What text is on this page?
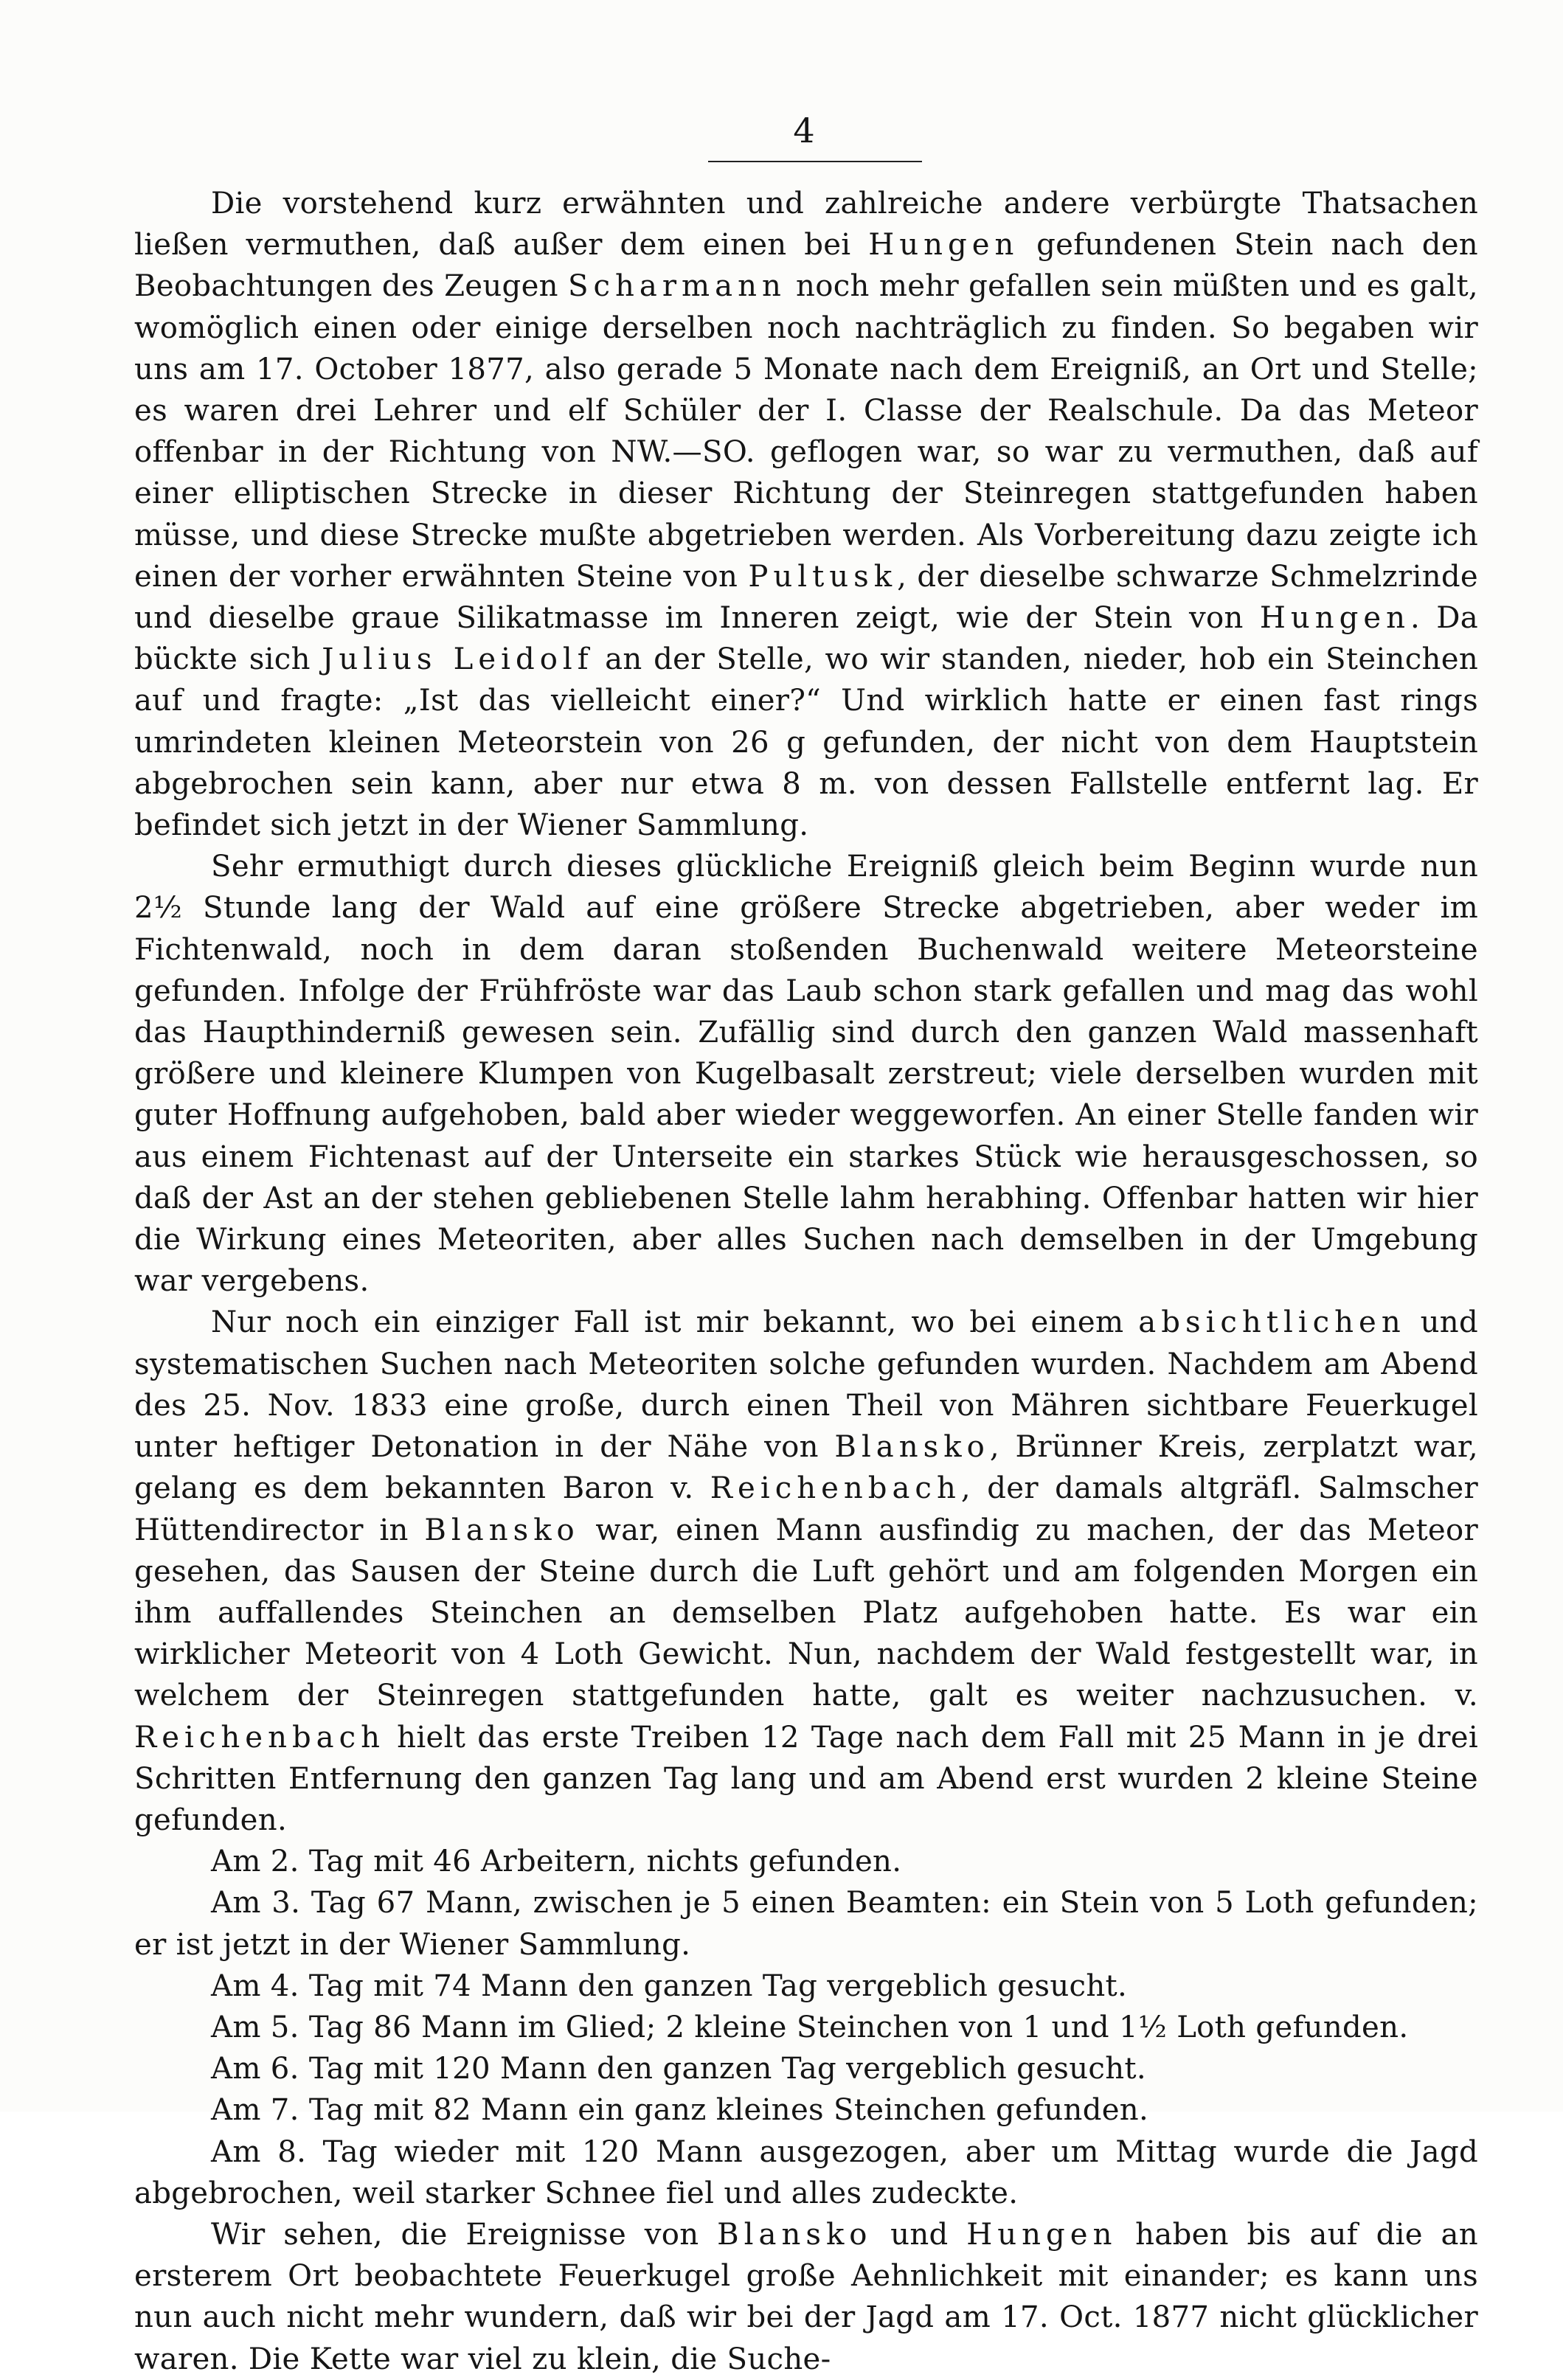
4

Die vorstehend kurz erwähnten und zahlreiche andere verbürgte Thatsachen ließen vermuthen, daß außer dem einen bei Hungen gefundenen Stein nach den Beobachtungen des Zeugen Scharmann noch mehr gefallen sein müßten und es galt, womöglich einen oder einige derselben noch nachträglich zu finden. So begaben wir uns am 17. October 1877, also gerade 5 Monate nach dem Ereigniß, an Ort und Stelle; es waren drei Lehrer und elf Schüler der I. Classe der Realschule. Da das Meteor offenbar in der Richtung von NW.—SO. geflogen war, so war zu vermuthen, daß auf einer elliptischen Strecke in dieser Richtung der Steinregen stattgefunden haben müsse, und diese Strecke mußte abgetrieben werden. Als Vorbereitung dazu zeigte ich einen der vorher erwähnten Steine von Pultusk, der dieselbe schwarze Schmelzrinde und dieselbe graue Silikatmasse im Inneren zeigt, wie der Stein von Hungen. Da bückte sich Julius Leidolf an der Stelle, wo wir standen, nieder, hob ein Steinchen auf und fragte: „Ist das vielleicht einer?“ Und wirklich hatte er einen fast rings umrindeten kleinen Meteorstein von 26 g gefunden, der nicht von dem Hauptstein abgebrochen sein kann, aber nur etwa 8 m. von dessen Fallstelle entfernt lag. Er befindet sich jetzt in der Wiener Sammlung.

Sehr ermuthigt durch dieses glückliche Ereigniß gleich beim Beginn wurde nun 2½ Stunde lang der Wald auf eine größere Strecke abgetrieben, aber weder im Fichtenwald, noch in dem daran stoßenden Buchenwald weitere Meteorsteine gefunden. Infolge der Frühfröste war das Laub schon stark gefallen und mag das wohl das Haupthinderniß gewesen sein. Zufällig sind durch den ganzen Wald massenhaft größere und kleinere Klumpen von Kugelbasalt zerstreut; viele derselben wurden mit guter Hoffnung aufgehoben, bald aber wieder weggeworfen. An einer Stelle fanden wir aus einem Fichtenast auf der Unterseite ein starkes Stück wie herausgeschossen, so daß der Ast an der stehen gebliebenen Stelle lahm herabhing. Offenbar hatten wir hier die Wirkung eines Meteoriten, aber alles Suchen nach demselben in der Umgebung war vergebens.

Nur noch ein einziger Fall ist mir bekannt, wo bei einem absichtlichen und systematischen Suchen nach Meteoriten solche gefunden wurden. Nachdem am Abend des 25. Nov. 1833 eine große, durch einen Theil von Mähren sichtbare Feuerkugel unter heftiger Detonation in der Nähe von Blansko, Brünner Kreis, zerplatzt war, gelang es dem bekannten Baron v. Reichenbach, der damals altgräfl. Salmscher Hüttendirector in Blansko war, einen Mann ausfindig zu machen, der das Meteor gesehen, das Sausen der Steine durch die Luft gehört und am folgenden Morgen ein ihm auffallendes Steinchen an demselben Platz aufgehoben hatte. Es war ein wirklicher Meteorit von 4 Loth Gewicht. Nun, nachdem der Wald festgestellt war, in welchem der Steinregen stattgefunden hatte, galt es weiter nachzusuchen. v. Reichenbach hielt das erste Treiben 12 Tage nach dem Fall mit 25 Mann in je drei Schritten Entfernung den ganzen Tag lang und am Abend erst wurden 2 kleine Steine gefunden.

Am 2. Tag mit 46 Arbeitern, nichts gefunden.

Am 3. Tag 67 Mann, zwischen je 5 einen Beamten: ein Stein von 5 Loth gefunden; er ist jetzt in der Wiener Sammlung.

Am 4. Tag mit 74 Mann den ganzen Tag vergeblich gesucht.

Am 5. Tag 86 Mann im Glied; 2 kleine Steinchen von 1 und 1½ Loth gefunden.

Am 6. Tag mit 120 Mann den ganzen Tag vergeblich gesucht.

Am 7. Tag mit 82 Mann ein ganz kleines Steinchen gefunden.

Am 8. Tag wieder mit 120 Mann ausgezogen, aber um Mittag wurde die Jagd abgebrochen, weil starker Schnee fiel und alles zudeckte.

Wir sehen, die Ereignisse von Blansko und Hungen haben bis auf die an ersterem Ort beobachtete Feuerkugel große Aehnlichkeit mit einander; es kann uns nun auch nicht mehr wundern, daß wir bei der Jagd am 17. Oct. 1877 nicht glücklicher waren. Die Kette war viel zu klein, die Suche-
